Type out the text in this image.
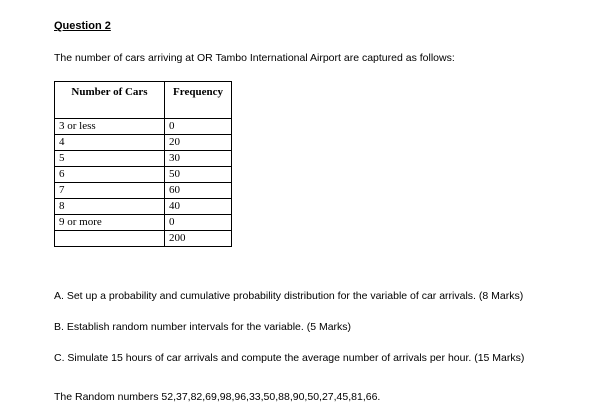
Question 2

The number of cars arriving at OR Tambo International Airport are captured as follows:

Number of Cars	Frequency
3 or less	0
4	20
5	30
6	50
7	60
8	40
9 or more	0
	200
A. Set up a probability and cumulative probability distribution for the variable of car arrivals. (8 Marks)
B. Establish random number intervals for the variable. (5 Marks)
C. Simulate 15 hours of car arrivals and compute the average number of arrivals per hour. (15 Marks)

The Random numbers 52,37,82,69,98,96,33,50,88,90,50,27,45,81,66.
